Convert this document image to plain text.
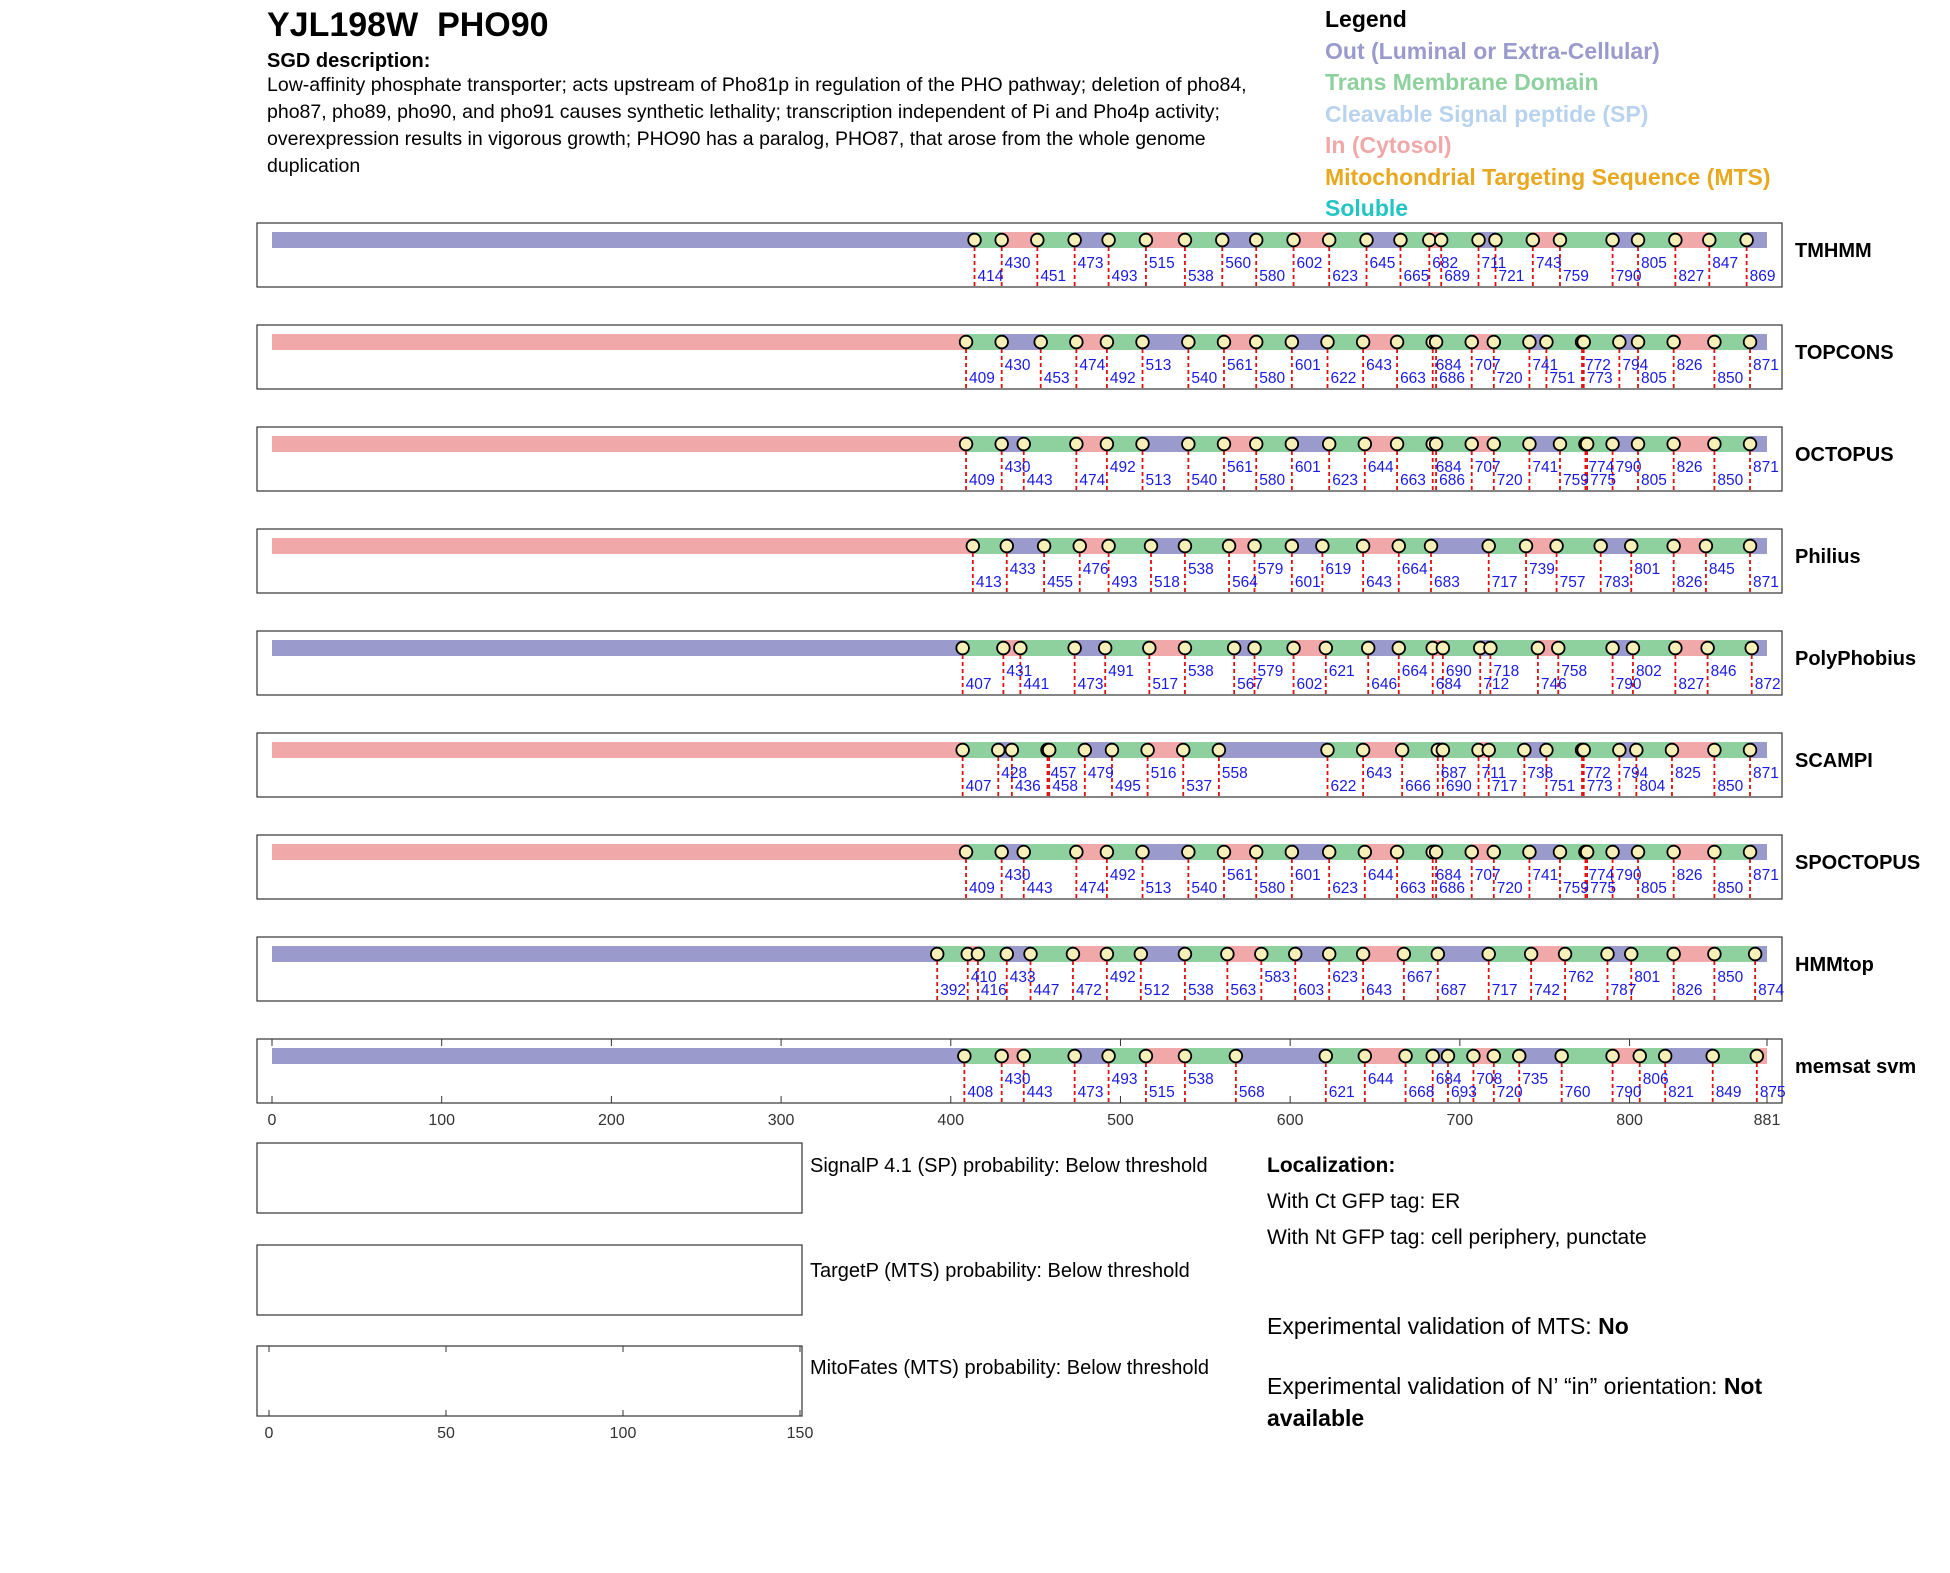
YJL198W  PHO90
SGD description:
Low-affinity phosphate transporter; acts upstream of Pho81p in regulation of the PHO pathway; deletion of pho84, pho87, pho89, pho90, and pho91 causes synthetic lethality; transcription independent of Pi and Pho4p activity; overexpression results in vigorous growth; PHO90 has a paralog, PHO87, that arose from the whole genome duplication
Legend
Out (Luminal or Extra-Cellular)
Trans Membrane Domain
Cleavable Signal peptide (SP)
In (Cytosol)
Mitochondrial Targeting Sequence (MTS)
Soluble
TMHMM
430	473	515	560	602	645 682 711 743	805	847
414 451	493	538	580	623	665 689 721 759 790 827	869
TOPCONS
430	474	513	561	601	643	684 707 741 772 794 826	871
409	453	492	540	580	622	663 686 720 751 773 805	850
OCTOPUS
430	492	561	601	644	684 707 741 774 790 826	871
409 443 474	513 540	580	623	663 686 720	759 775 805	850
Philius
433	476	538	579	619	664	739	801	845
413	455 493 518	564 601	643	683 717	757 783	826	871
PolyPhobius
431	491	538	579	621	664 690 718	758	802	846
407 441 473	517	567 602	646 684 712 746	790 827	872
SCAMPI
428 457 479 516	558	643	687 711 738 772 794 825	871
407 436 458 495	537	622	666 690 717 751 773 804	850
SPOCTOPUS
430	492	561	601	644	684 707 741 774 790 826	871
409 443 474	513 540	580	623	663 686 720	759 775 805	850
HMMtop
410 433	492	583	623	667	762	801	850
392 416 447 472	512 538 563	603	643	687 717 742	787	826	874
memsat svm
430	493	538	644	684 708 735	806
408 443 473	515	568	621	668 693 720	760 790 821 849 875
0	100	200	300	400	500	600	700	800	881
0	50	100	150
SignalP 4.1 (SP) probability: Below threshold
TargetP (MTS) probability: Below threshold
MitoFates (MTS) probability: Below threshold
Localization:
With Ct GFP tag: ER
With Nt GFP tag: cell periphery, punctate
Experimental validation of MTS: No
Experimental validation of N’ “in” orientation: Not available
